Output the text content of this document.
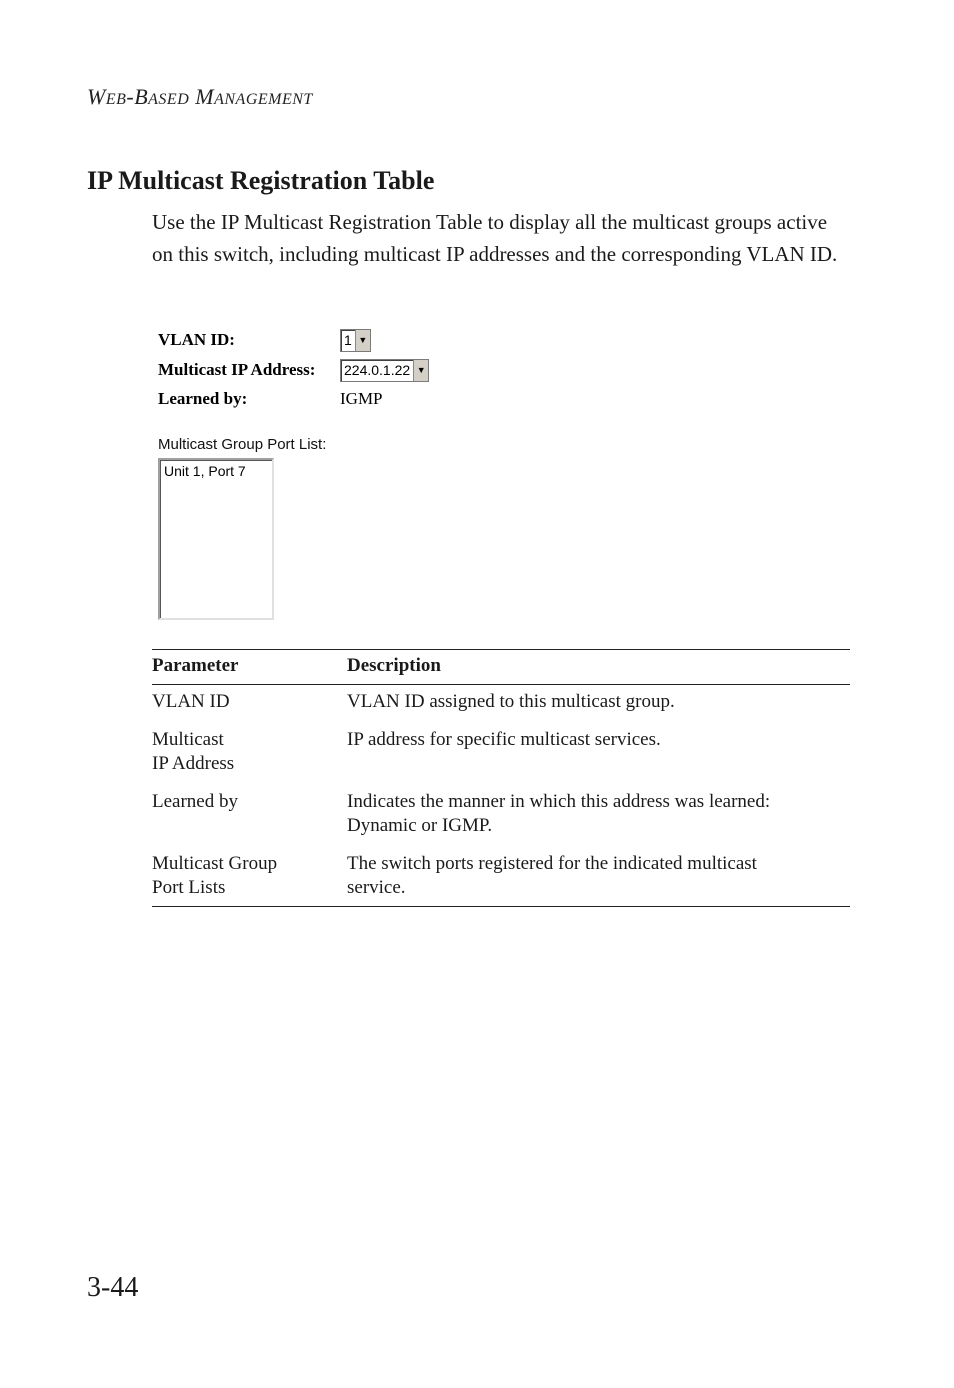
WEB-BASED MANAGEMENT
IP Multicast Registration Table

Use the IP Multicast Registration Table to display all the multicast groups active on this switch, including multicast IP addresses and the corresponding VLAN ID.

VLAN ID:	1 ▼
Multicast IP Address:	224.0.1.22 ▼
Learned by:	IGMP
Multicast Group Port List:
Unit 1, Port 7
Parameter	Description
VLAN ID	VLAN ID assigned to this multicast group.
Multicast
IP Address	IP address for specific multicast services.
Learned by	Indicates the manner in which this address was learned:
Dynamic or IGMP.
Multicast Group
Port Lists	The switch ports registered for the indicated multicast
service.
3-44
